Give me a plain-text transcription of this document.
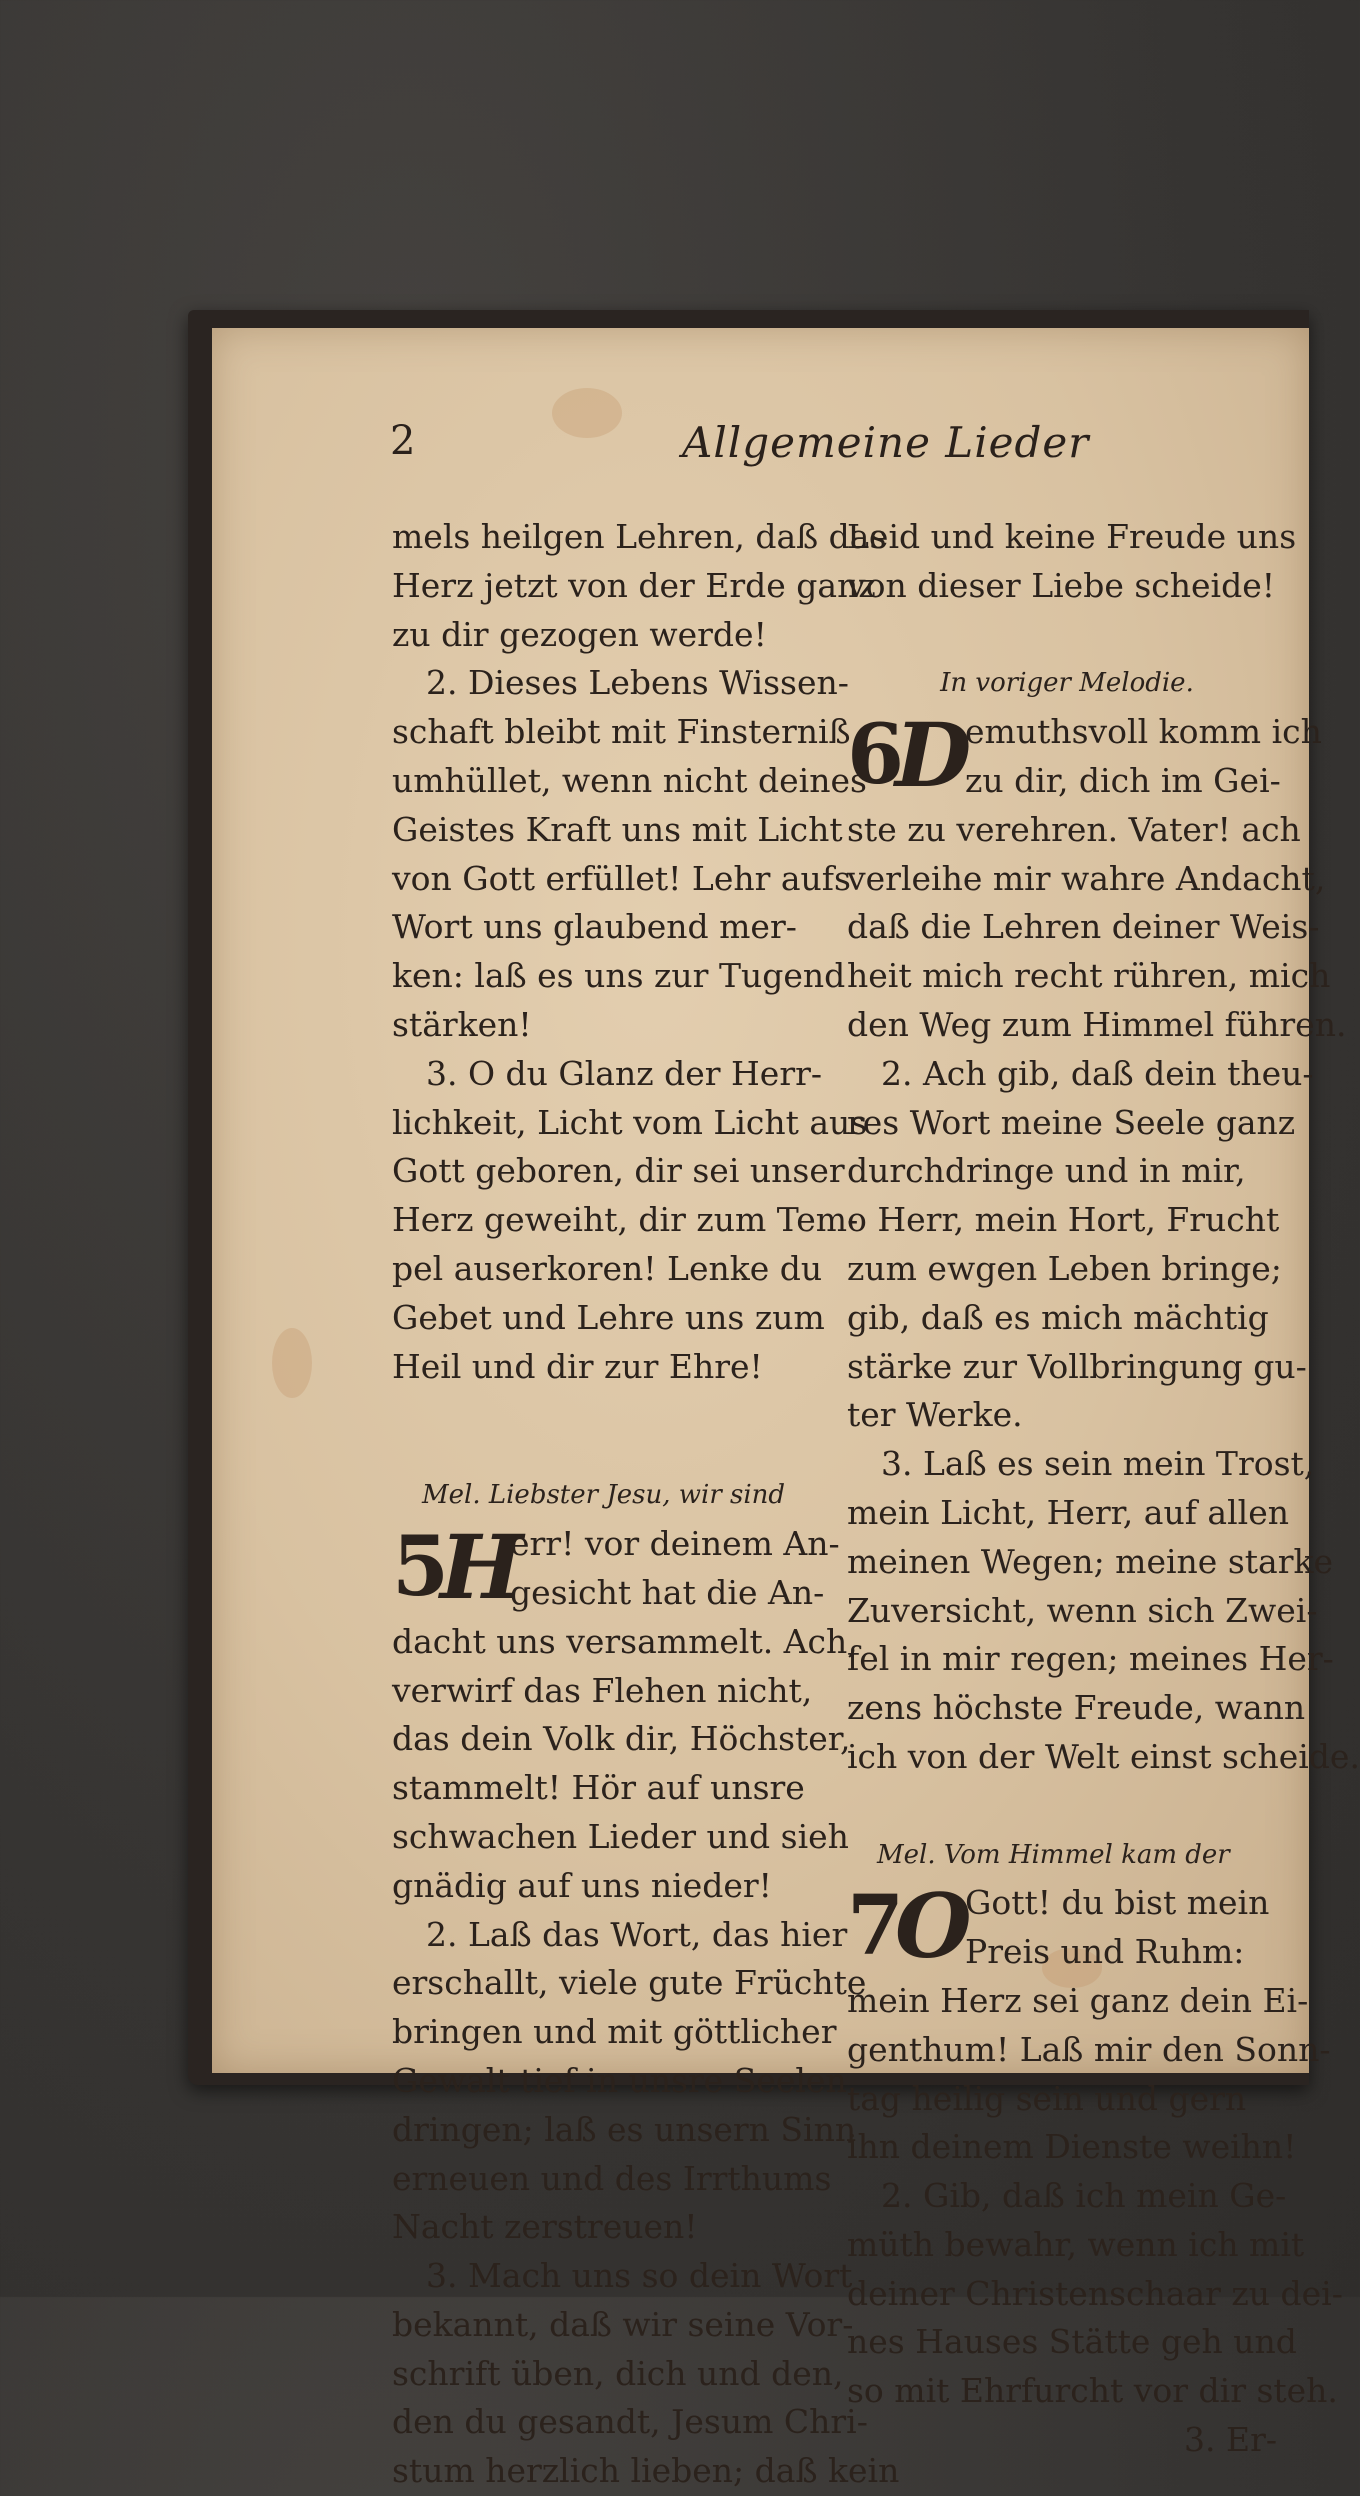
2	Allgemeine Lieder
mels heilgen Lehren, daß das
Herz jetzt von der Erde ganz
zu dir gezogen werde!
2. Dieses Lebens Wissen-
schaft bleibt mit Finsterniß
umhüllet, wenn nicht deines
Geistes Kraft uns mit Licht
von Gott erfüllet! Lehr aufs
Wort uns glaubend mer-
ken: laß es uns zur Tugend
stärken!
3. O du Glanz der Herr-
lichkeit, Licht vom Licht aus
Gott geboren, dir sei unser
Herz geweiht, dir zum Tem-
pel auserkoren! Lenke du
Gebet und Lehre uns zum
Heil und dir zur Ehre!
Mel. Liebster Jesu, wir sind
5
H
err! vor deinem An-
gesicht hat die An-
dacht uns versammelt. Ach,
verwirf das Flehen nicht,
das dein Volk dir, Höchster,
stammelt! Hör auf unsre
schwachen Lieder und sieh
gnädig auf uns nieder!
2. Laß das Wort, das hier
erschallt, viele gute Früchte
bringen und mit göttlicher
Gewalt tief in unsre Seelen
dringen; laß es unsern Sinn
erneuen und des Irrthums
Nacht zerstreuen!
3. Mach uns so dein Wort
bekannt, daß wir seine Vor-
schrift üben, dich und den,
den du gesandt, Jesum Chri-
stum herzlich lieben; daß kein
Leid und keine Freude uns
von dieser Liebe scheide!
In voriger Melodie.
6
D
emuthsvoll komm ich
zu dir, dich im Gei-
ste zu verehren. Vater! ach
verleihe mir wahre Andacht,
daß die Lehren deiner Weis-
heit mich recht rühren, mich
den Weg zum Himmel führen.
2. Ach gib, daß dein theu-
res Wort meine Seele ganz
durchdringe und in mir,
o Herr, mein Hort, Frucht
zum ewgen Leben bringe;
gib, daß es mich mächtig
stärke zur Vollbringung gu-
ter Werke.
3. Laß es sein mein Trost,
mein Licht, Herr, auf allen
meinen Wegen; meine starke
Zuversicht, wenn sich Zwei-
fel in mir regen; meines Her-
zens höchste Freude, wann
ich von der Welt einst scheide.
Mel. Vom Himmel kam der
7
O
Gott! du bist mein
Preis und Ruhm:
mein Herz sei ganz dein Ei-
genthum! Laß mir den Sonn-
tag heilig sein und gern
ihn deinem Dienste weihn!
2. Gib, daß ich mein Ge-
müth bewahr, wenn ich mit
deiner Christenschaar zu dei-
nes Hauses Stätte geh und
so mit Ehrfurcht vor dir steh.
3. Er-
